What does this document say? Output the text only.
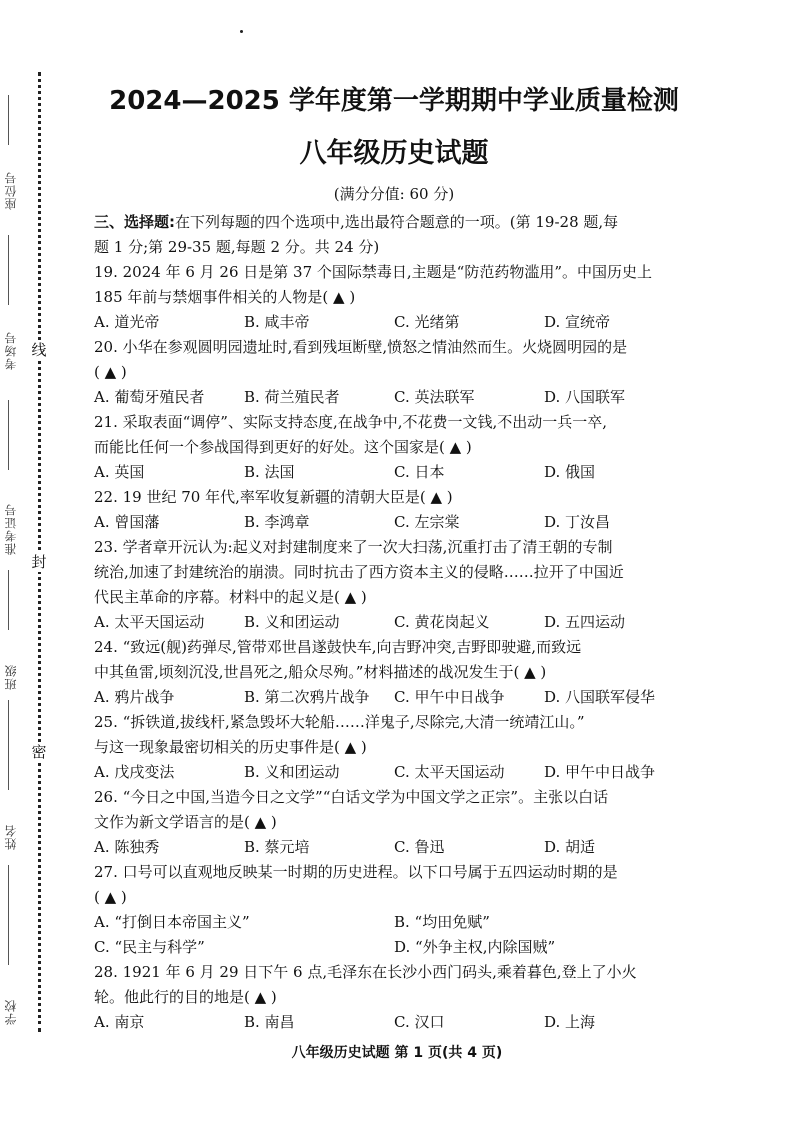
线
封
密
座位号
考场号
准考证号
班级
姓名
学校
2024—2025 学年度第一学期期中学业质量检测
八年级历史试题
(满分分值: 60 分)
三、选择题:在下列每题的四个选项中,选出最符合题意的一项。(第 19-28 题,每
题 1 分;第 29-35 题,每题 2 分。共 24 分)
19. 2024 年 6 月 26 日是第 37 个国际禁毒日,主题是“防范药物滥用”。中国历史上
185 年前与禁烟事件相关的人物是( ▲ )
A. 道光帝	B. 咸丰帝	C. 光绪第	D. 宣统帝
20. 小华在参观圆明园遗址时,看到残垣断壁,愤怒之情油然而生。火烧圆明园的是
( ▲ )
A. 葡萄牙殖民者	B. 荷兰殖民者	C. 英法联军	D. 八国联军
21. 采取表面“调停”、实际支持态度,在战争中,不花费一文钱,不出动一兵一卒,
而能比任何一个参战国得到更好的好处。这个国家是( ▲ )
A. 英国	B. 法国	C. 日本	D. 俄国
22. 19 世纪 70 年代,率军收复新疆的清朝大臣是( ▲ )
A. 曾国藩	B. 李鸿章	C. 左宗棠	D. 丁汝昌
23. 学者章开沅认为:起义对封建制度来了一次大扫荡,沉重打击了清王朝的专制
统治,加速了封建统治的崩溃。同时抗击了西方资本主义的侵略……拉开了中国近
代民主革命的序幕。材料中的起义是( ▲ )
A. 太平天国运动	B. 义和团运动	C. 黄花岗起义	D. 五四运动
24. “致远(舰)药弹尽,管带邓世昌遂鼓快车,向吉野冲突,吉野即驶避,而致远
中其鱼雷,顷刻沉没,世昌死之,船众尽殉。”材料描述的战况发生于( ▲ )
A. 鸦片战争	B. 第二次鸦片战争	C. 甲午中日战争	D. 八国联军侵华
25. “拆铁道,拔线杆,紧急毁坏大轮船……洋鬼子,尽除完,大清一统靖江山。”
与这一现象最密切相关的历史事件是( ▲ )
A. 戊戌变法	B. 义和团运动	C. 太平天国运动	D. 甲午中日战争
26. “今日之中国,当造今日之文学”“白话文学为中国文学之正宗”。主张以白话
文作为新文学语言的是( ▲ )
A. 陈独秀	B. 蔡元培	C. 鲁迅	D. 胡适
27. 口号可以直观地反映某一时期的历史进程。以下口号属于五四运动时期的是
( ▲ )
A. “打倒日本帝国主义”	B. “均田免赋”
C. “民主与科学”	D. “外争主权,内除国贼”
28. 1921 年 6 月 29 日下午 6 点,毛泽东在长沙小西门码头,乘着暮色,登上了小火
轮。他此行的目的地是( ▲ )
A. 南京	B. 南昌	C. 汉口	D. 上海
八年级历史试题 第 1 页(共 4 页)
